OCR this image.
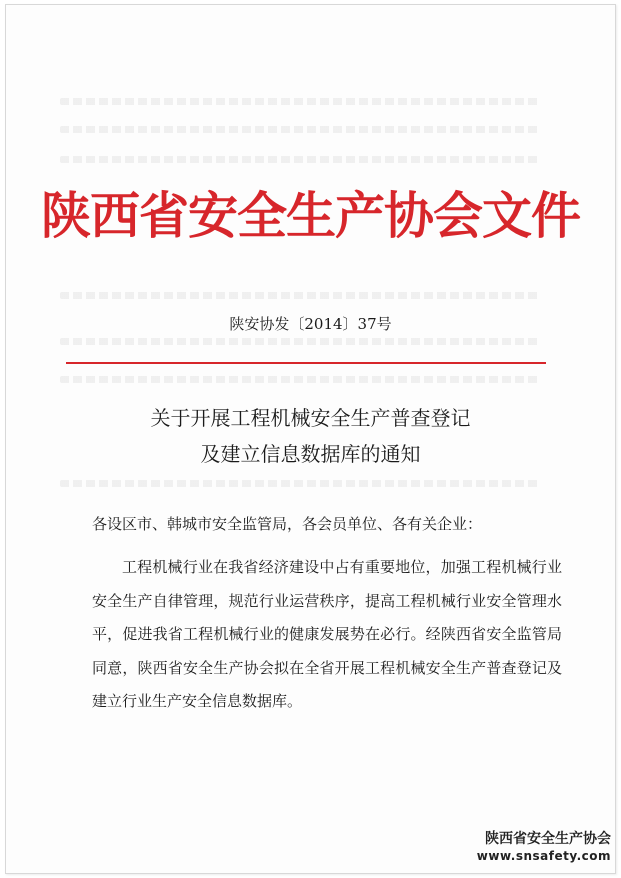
陕西省安全生产协会文件
陕安协发〔2014〕37号
关于开展工程机械安全生产普查登记
及建立信息数据库的通知
各设区市、韩城市安全监管局，各会员单位、各有关企业：
工程机械行业在我省经济建设中占有重要地位，加强工程机械行业安全生产自律管理，规范行业运营秩序，提高工程机械行业安全管理水平，促进我省工程机械行业的健康发展势在必行。经陕西省安全监管局同意，陕西省安全生产协会拟在全省开展工程机械安全生产普查登记及建立行业生产安全信息数据库。
陕西省安全生产协会
www.snsafety.com
